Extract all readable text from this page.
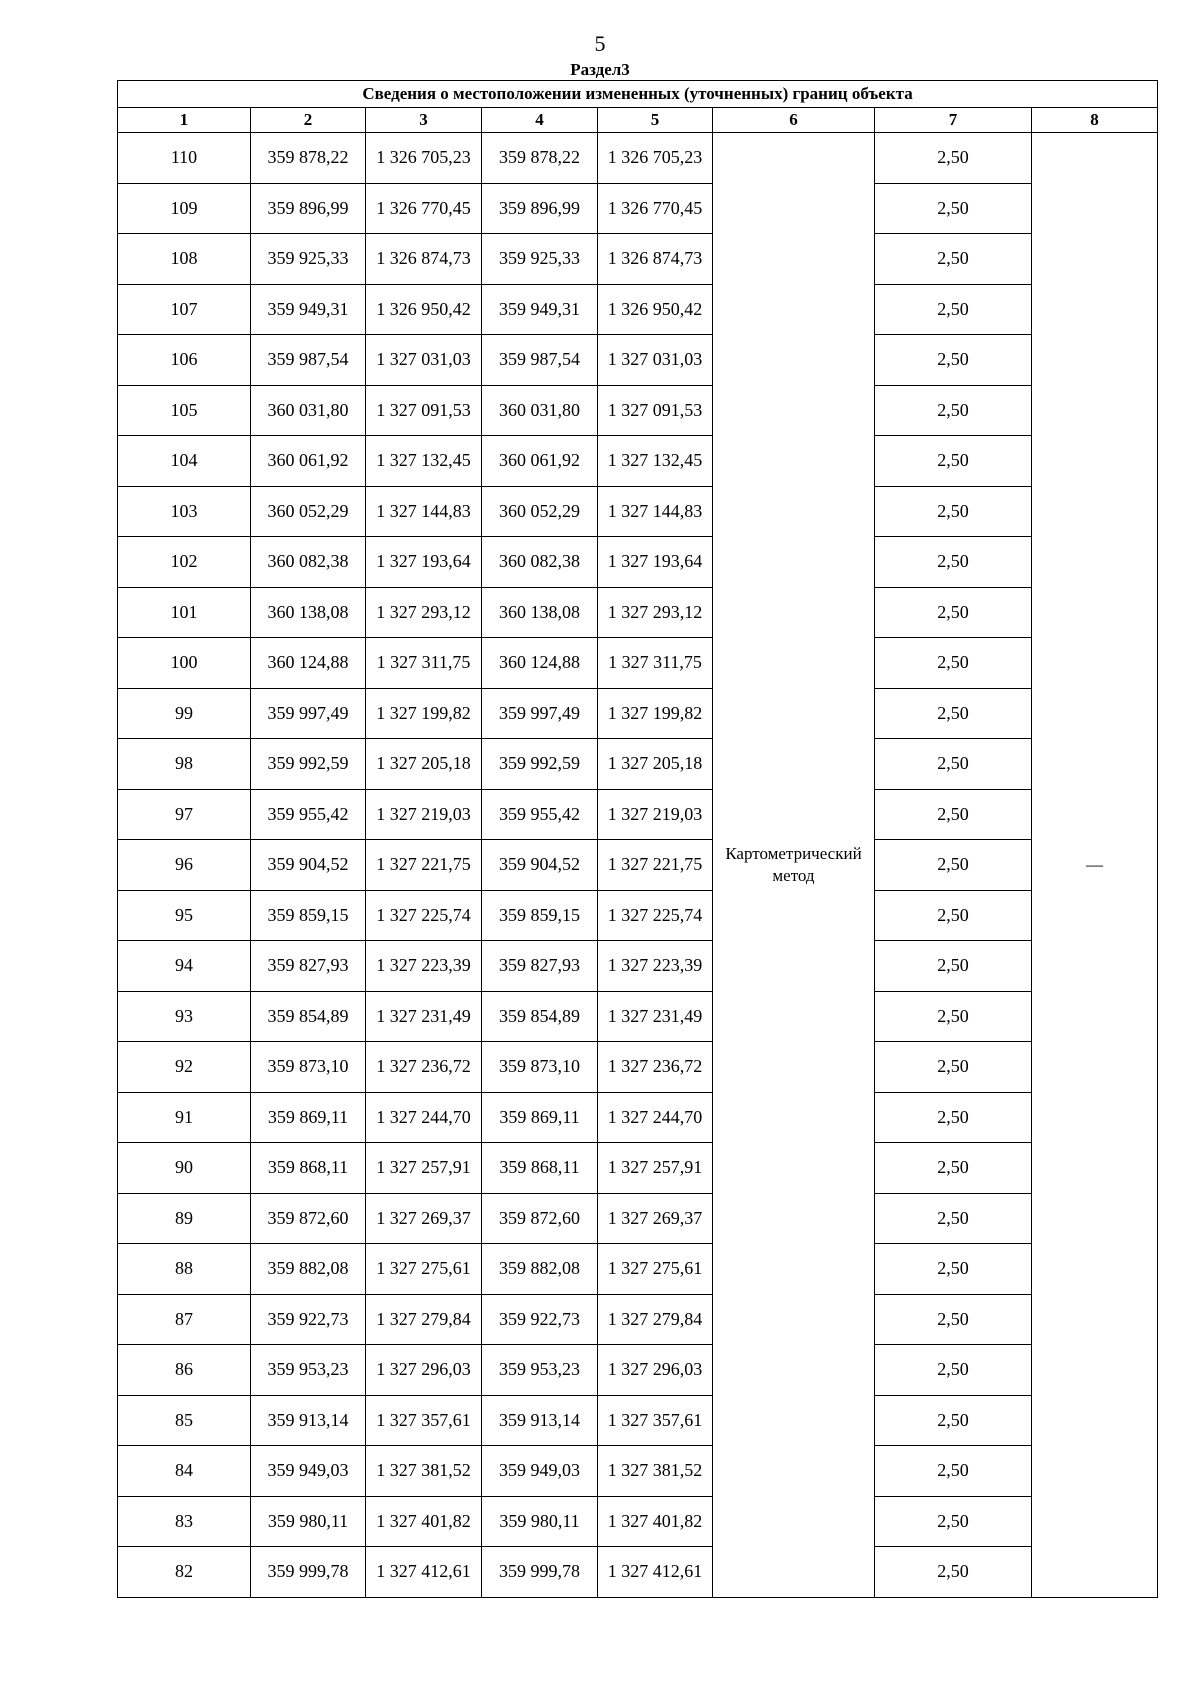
5
Раздел3
Сведения о местоположении измененных (уточненных) границ объекта							
1	2	3	4	5	6	7	8
110	359 878,22	1 326 705,23	359 878,22	1 326 705,23	Картометрический метод	2,50	—
109	359 896,99	1 326 770,45	359 896,99	1 326 770,45		2,50	
108	359 925,33	1 326 874,73	359 925,33	1 326 874,73		2,50	
107	359 949,31	1 326 950,42	359 949,31	1 326 950,42		2,50	
106	359 987,54	1 327 031,03	359 987,54	1 327 031,03		2,50	
105	360 031,80	1 327 091,53	360 031,80	1 327 091,53		2,50	
104	360 061,92	1 327 132,45	360 061,92	1 327 132,45		2,50	
103	360 052,29	1 327 144,83	360 052,29	1 327 144,83		2,50	
102	360 082,38	1 327 193,64	360 082,38	1 327 193,64		2,50	
101	360 138,08	1 327 293,12	360 138,08	1 327 293,12		2,50	
100	360 124,88	1 327 311,75	360 124,88	1 327 311,75		2,50	
99	359 997,49	1 327 199,82	359 997,49	1 327 199,82		2,50	
98	359 992,59	1 327 205,18	359 992,59	1 327 205,18		2,50	
97	359 955,42	1 327 219,03	359 955,42	1 327 219,03		2,50	
96	359 904,52	1 327 221,75	359 904,52	1 327 221,75		2,50	
95	359 859,15	1 327 225,74	359 859,15	1 327 225,74		2,50	
94	359 827,93	1 327 223,39	359 827,93	1 327 223,39		2,50	
93	359 854,89	1 327 231,49	359 854,89	1 327 231,49		2,50	
92	359 873,10	1 327 236,72	359 873,10	1 327 236,72		2,50	
91	359 869,11	1 327 244,70	359 869,11	1 327 244,70		2,50	
90	359 868,11	1 327 257,91	359 868,11	1 327 257,91		2,50	
89	359 872,60	1 327 269,37	359 872,60	1 327 269,37		2,50	
88	359 882,08	1 327 275,61	359 882,08	1 327 275,61		2,50	
87	359 922,73	1 327 279,84	359 922,73	1 327 279,84		2,50	
86	359 953,23	1 327 296,03	359 953,23	1 327 296,03		2,50	
85	359 913,14	1 327 357,61	359 913,14	1 327 357,61		2,50	
84	359 949,03	1 327 381,52	359 949,03	1 327 381,52		2,50	
83	359 980,11	1 327 401,82	359 980,11	1 327 401,82		2,50	
82	359 999,78	1 327 412,61	359 999,78	1 327 412,61		2,50	
